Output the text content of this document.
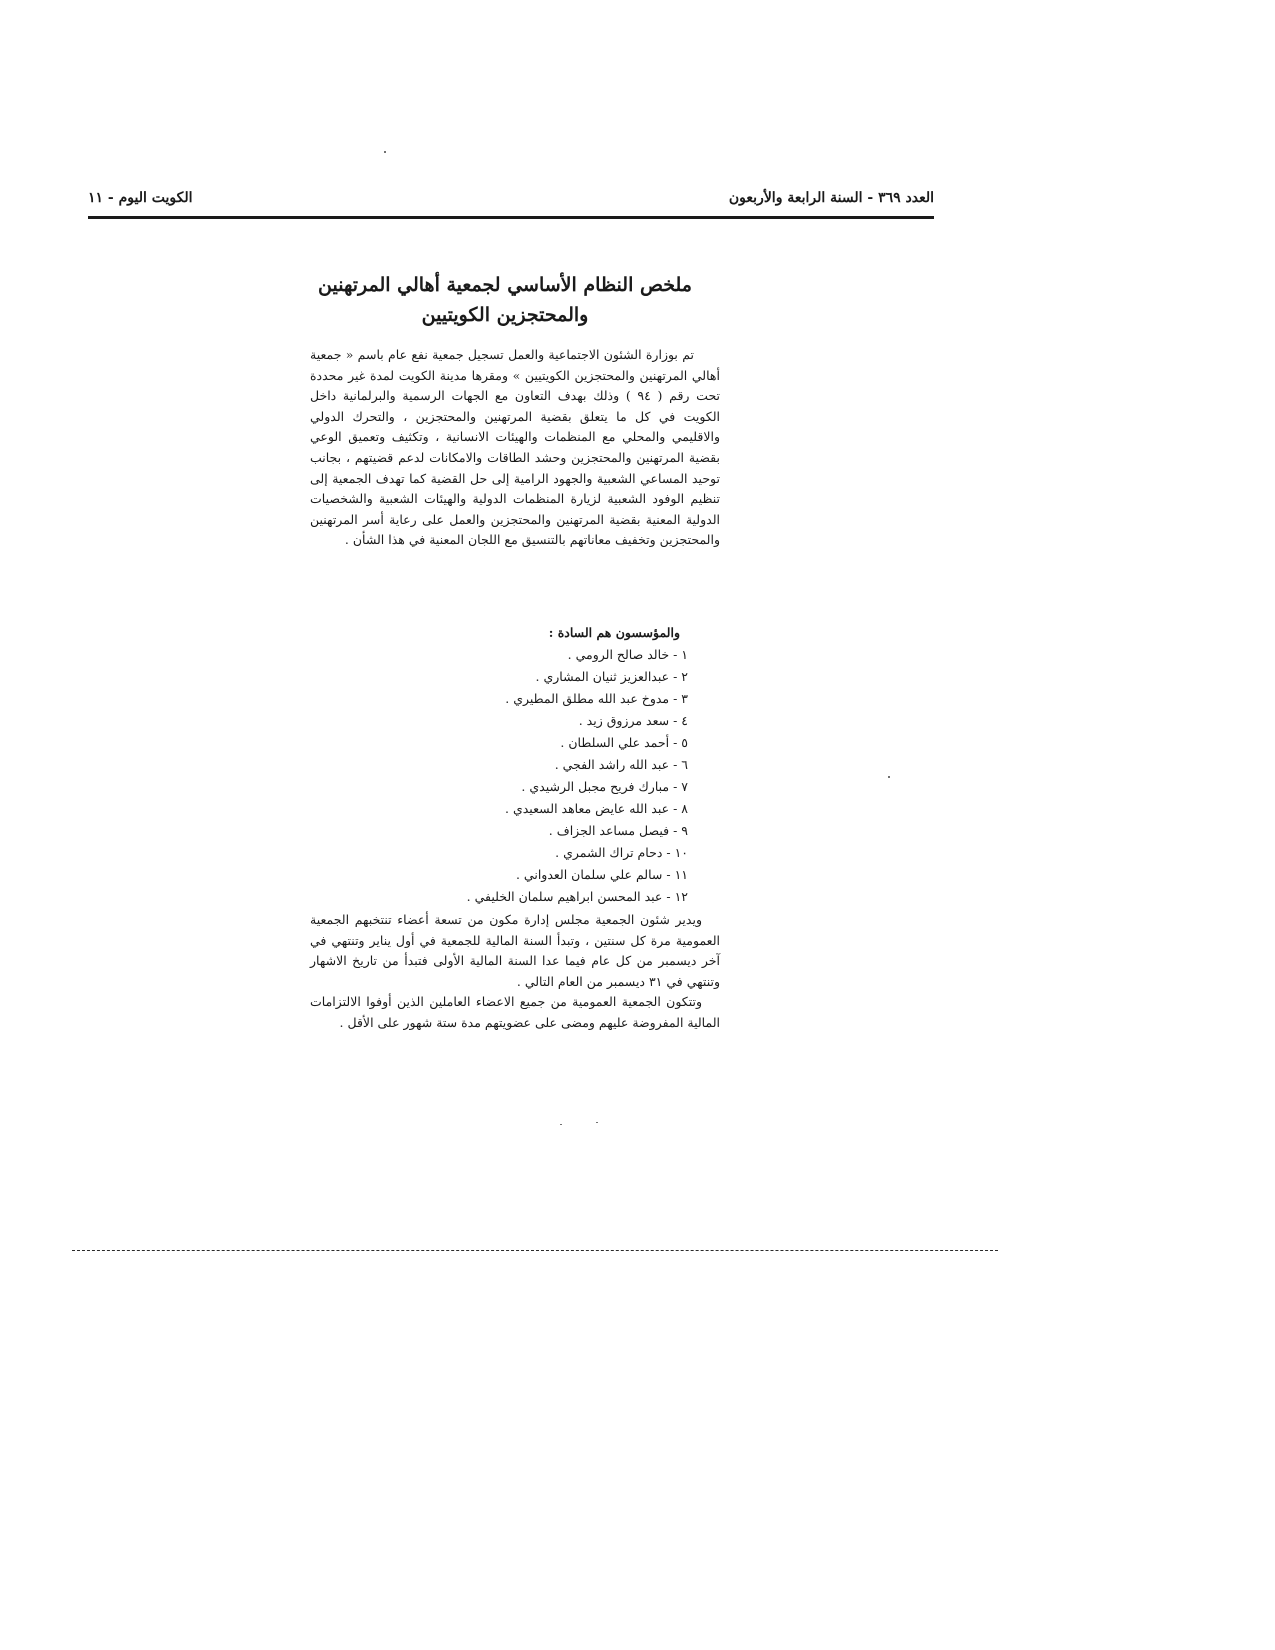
العدد ٣٦٩ - السنة الرابعة والأربعون
الكويت اليوم - ١١
ملخص النظام الأساسي لجمعية أهالي المرتهنين
والمحتجزين الكويتيين
تم بوزارة الشئون الاجتماعية والعمل تسجيل جمعية نفع عام باسم « جمعية أهالي المرتهنين والمحتجزين الكويتيين » ومقرها مدينة الكويت لمدة غير محددة تحت رقم ( ٩٤ ) وذلك بهدف التعاون مع الجهات الرسمية والبرلمانية داخل الكويت في كل ما يتعلق بقضية المرتهنين والمحتجزين ، والتحرك الدولي والاقليمي والمحلي مع المنظمات والهيئات الانسانية ، وتكثيف وتعميق الوعي بقضية المرتهنين والمحتجزين وحشد الطاقات والامكانات لدعم قضيتهم ، بجانب توحيد المساعي الشعبية والجهود الرامية إلى حل القضية كما تهدف الجمعية إلى تنظيم الوفود الشعبية لزيارة المنظمات الدولية والهيئات الشعبية والشخصيات الدولية المعنية بقضية المرتهنين والمحتجزين والعمل على رعاية أسر المرتهنين والمحتجزين وتخفيف معاناتهم بالتنسيق مع اللجان المعنية في هذا الشأن .
والمؤسسون هم السادة :
١ - خالد صالح الرومي .
٢ - عبدالعزيز ثنيان المشاري .
٣ - مدوخ عبد الله مطلق المطيري .
٤ - سعد مرزوق زيد .
٥ - أحمد علي السلطان .
٦ - عبد الله راشد الفجي .
٧ - مبارك فريح مجبل الرشيدي .
٨ - عبد الله عايض معاهد السعيدي .
٩ - فيصل مساعد الجزاف .
١٠ - دحام تراك الشمري .
١١ - سالم علي سلمان العدواني .
١٢ - عبد المحسن ابراهيم سلمان الخليفي .

ويدير شئون الجمعية مجلس إدارة مكون من تسعة أعضاء تنتخبهم الجمعية العمومية مرة كل سنتين ، وتبدأ السنة المالية للجمعية في أول يناير وتنتهي في آخر ديسمبر من كل عام فيما عدا السنة المالية الأولى فتبدأ من تاريخ الاشهار وتنتهي في ٣١ ديسمبر من العام التالي .

وتتكون الجمعية العمومية من جميع الاعضاء العاملين الذين أوفوا الالتزامات المالية المفروضة عليهم ومضى على عضويتهم مدة ستة شهور على الأقل .
